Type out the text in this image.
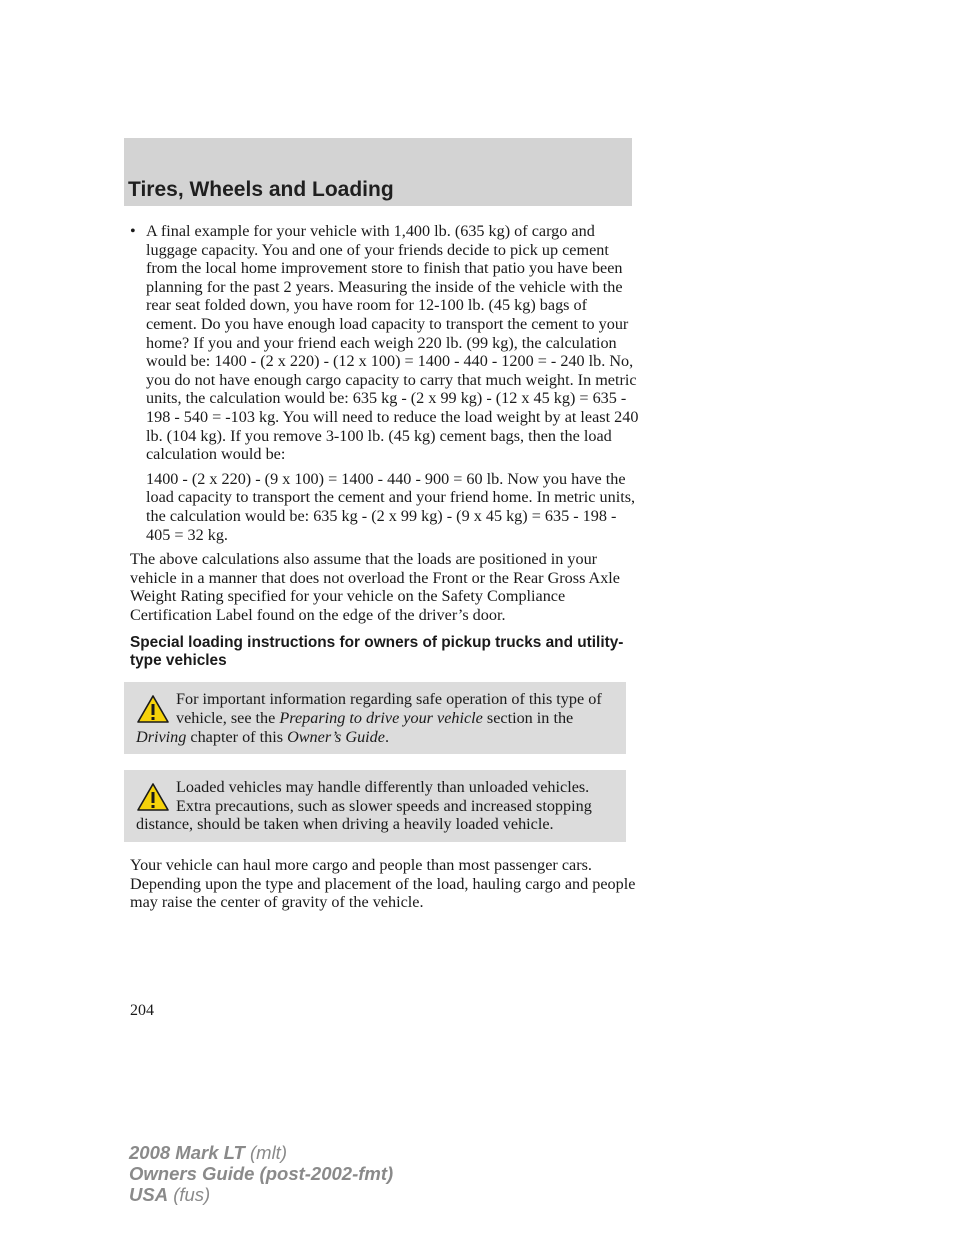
Tires, Wheels and Loading
• A final example for your vehicle with 1,400 lb. (635 kg) of cargo and luggage capacity. You and one of your friends decide to pick up cement from the local home improvement store to finish that patio you have been planning for the past 2 years. Measuring the inside of the vehicle with the rear seat folded down, you have room for 12-100 lb. (45 kg) bags of cement. Do you have enough load capacity to transport the cement to your home? If you and your friend each weigh 220 lb. (99 kg), the calculation would be: 1400 - (2 x 220) - (12 x 100) = 1400 - 440 - 1200 = - 240 lb. No, you do not have enough cargo capacity to carry that much weight. In metric units, the calculation would be: 635 kg - (2 x 99 kg) - (12 x 45 kg) = 635 - 198 - 540 = -103 kg. You will need to reduce the load weight by at least 240 lb. (104 kg). If you remove 3-100 lb. (45 kg) cement bags, then the load calculation would be:

1400 - (2 x 220) - (9 x 100) = 1400 - 440 - 900 = 60 lb. Now you have the load capacity to transport the cement and your friend home. In metric units, the calculation would be: 635 kg - (2 x 99 kg) - (9 x 45 kg) = 635 - 198 - 405 = 32 kg.

The above calculations also assume that the loads are positioned in your vehicle in a manner that does not overload the Front or the Rear Gross Axle Weight Rating specified for your vehicle on the Safety Compliance Certification Label found on the edge of the driver’s door.

Special loading instructions for owners of pickup trucks and utility-type vehicles

For important information regarding safe operation of this type of vehicle, see the Preparing to drive your vehicle section in the Driving chapter of this Owner’s Guide.

Loaded vehicles may handle differently than unloaded vehicles. Extra precautions, such as slower speeds and increased stopping distance, should be taken when driving a heavily loaded vehicle.

Your vehicle can haul more cargo and people than most passenger cars. Depending upon the type and placement of the load, hauling cargo and people may raise the center of gravity of the vehicle.

204

2008 Mark LT (mlt)
Owners Guide (post-2002-fmt)
USA (fus)
